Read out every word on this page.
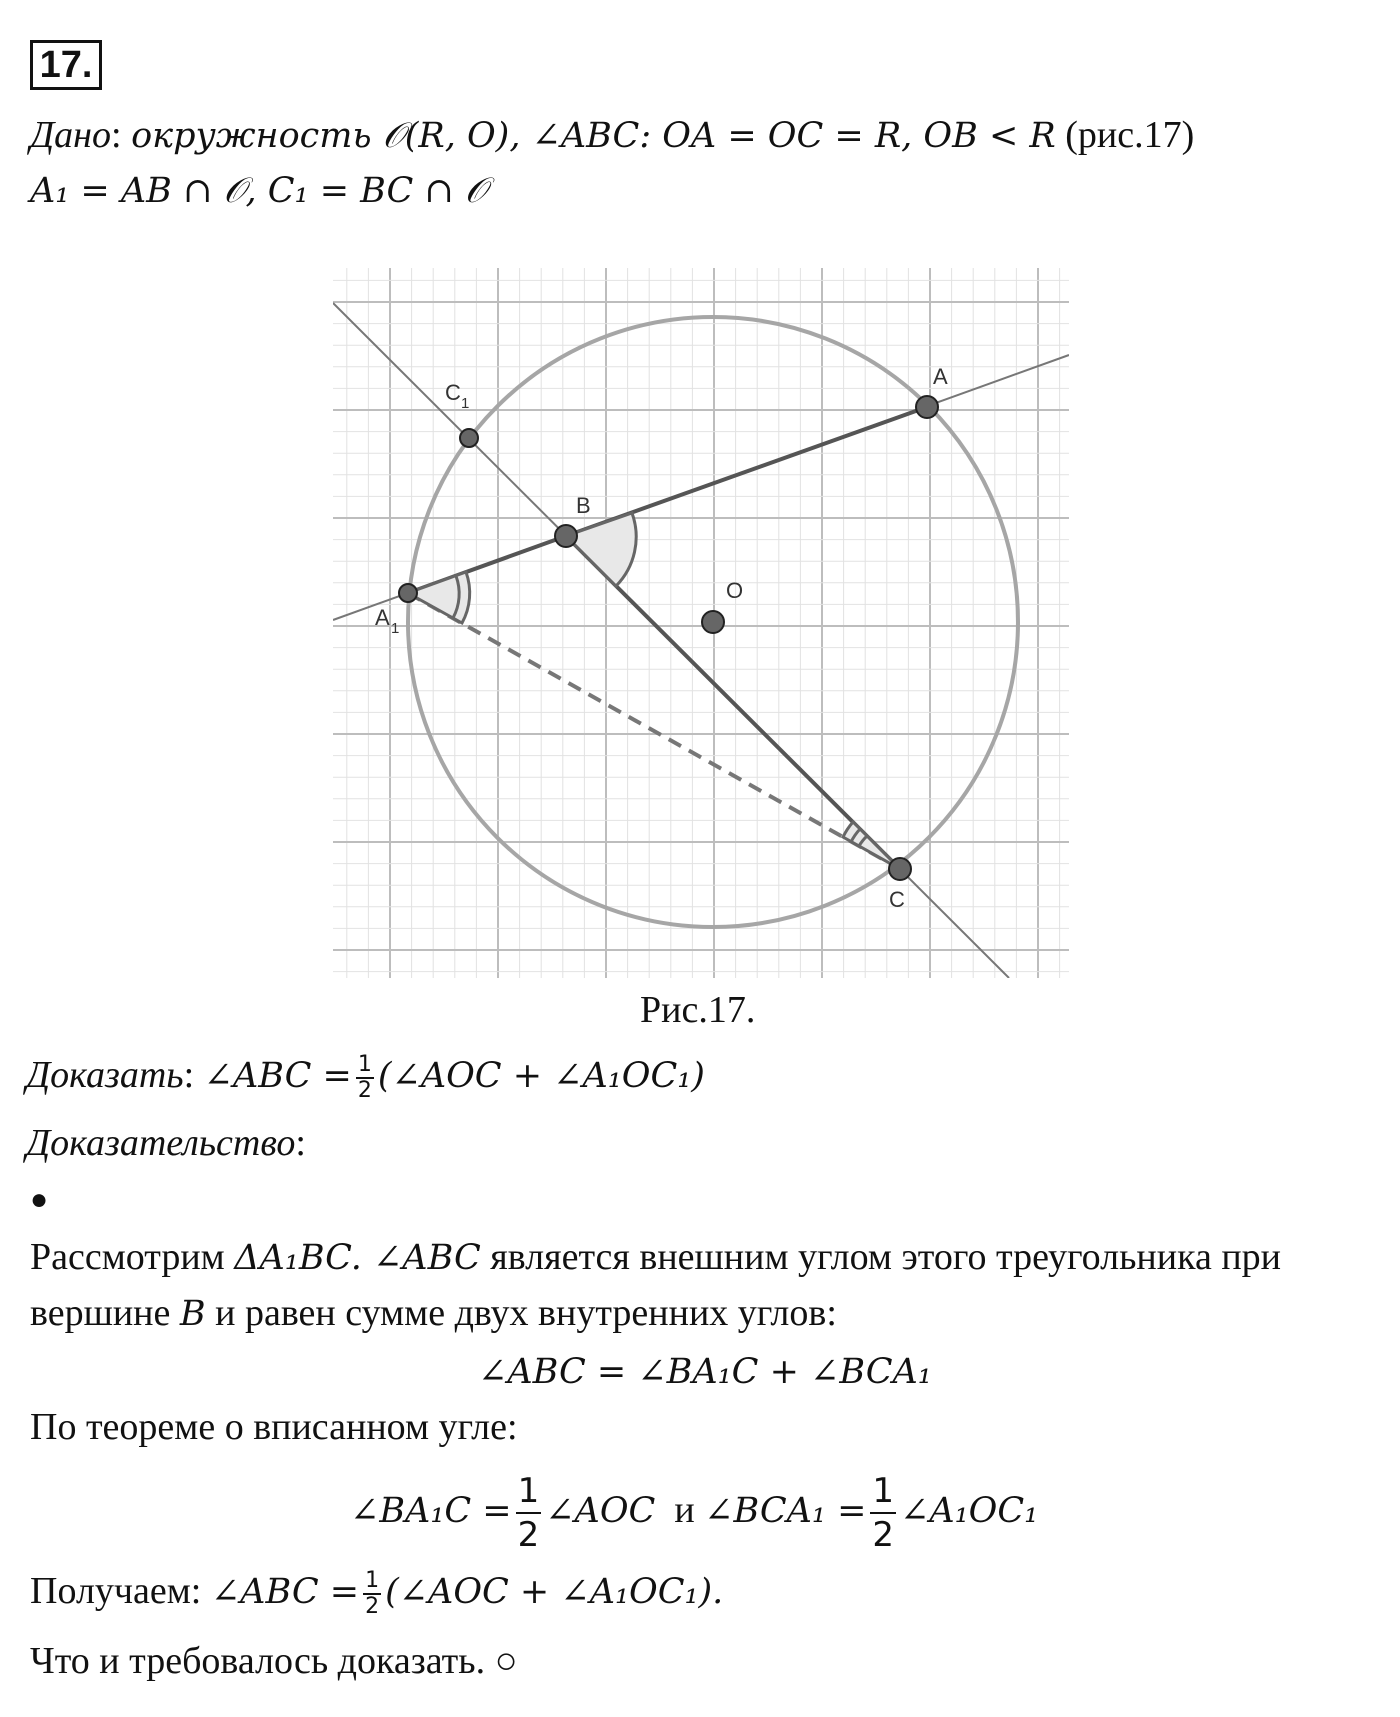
17.
Дано: окружность 𝒪(R, O), ∠ABC: OA = OC = R, OB < R (рис.17)
A₁ = AB ∩ 𝒪, C₁ = BC ∩ 𝒪
A
B
C
O
A 1
C 1
Рис.17.
Доказать: ∠ABC = $\frac{1}{2}$ (∠AOC + ∠A₁OC₁)
Доказательство:
●
Рассмотрим ΔA₁BC. ∠ABC является внешним углом этого треугольника при
вершине B и равен сумме двух внутренних углов:
∠ABC = ∠BA₁C + ∠BCA₁
По теореме о вписанном угле:
∠BA₁C = $\frac{1}{2}$ ∠AOC и ∠BCA₁ = $\frac{1}{2}$ ∠A₁OC₁
Получаем: ∠ABC = $\frac{1}{2}$ (∠AOC + ∠A₁OC₁).
Что и требовалось доказать. ○
